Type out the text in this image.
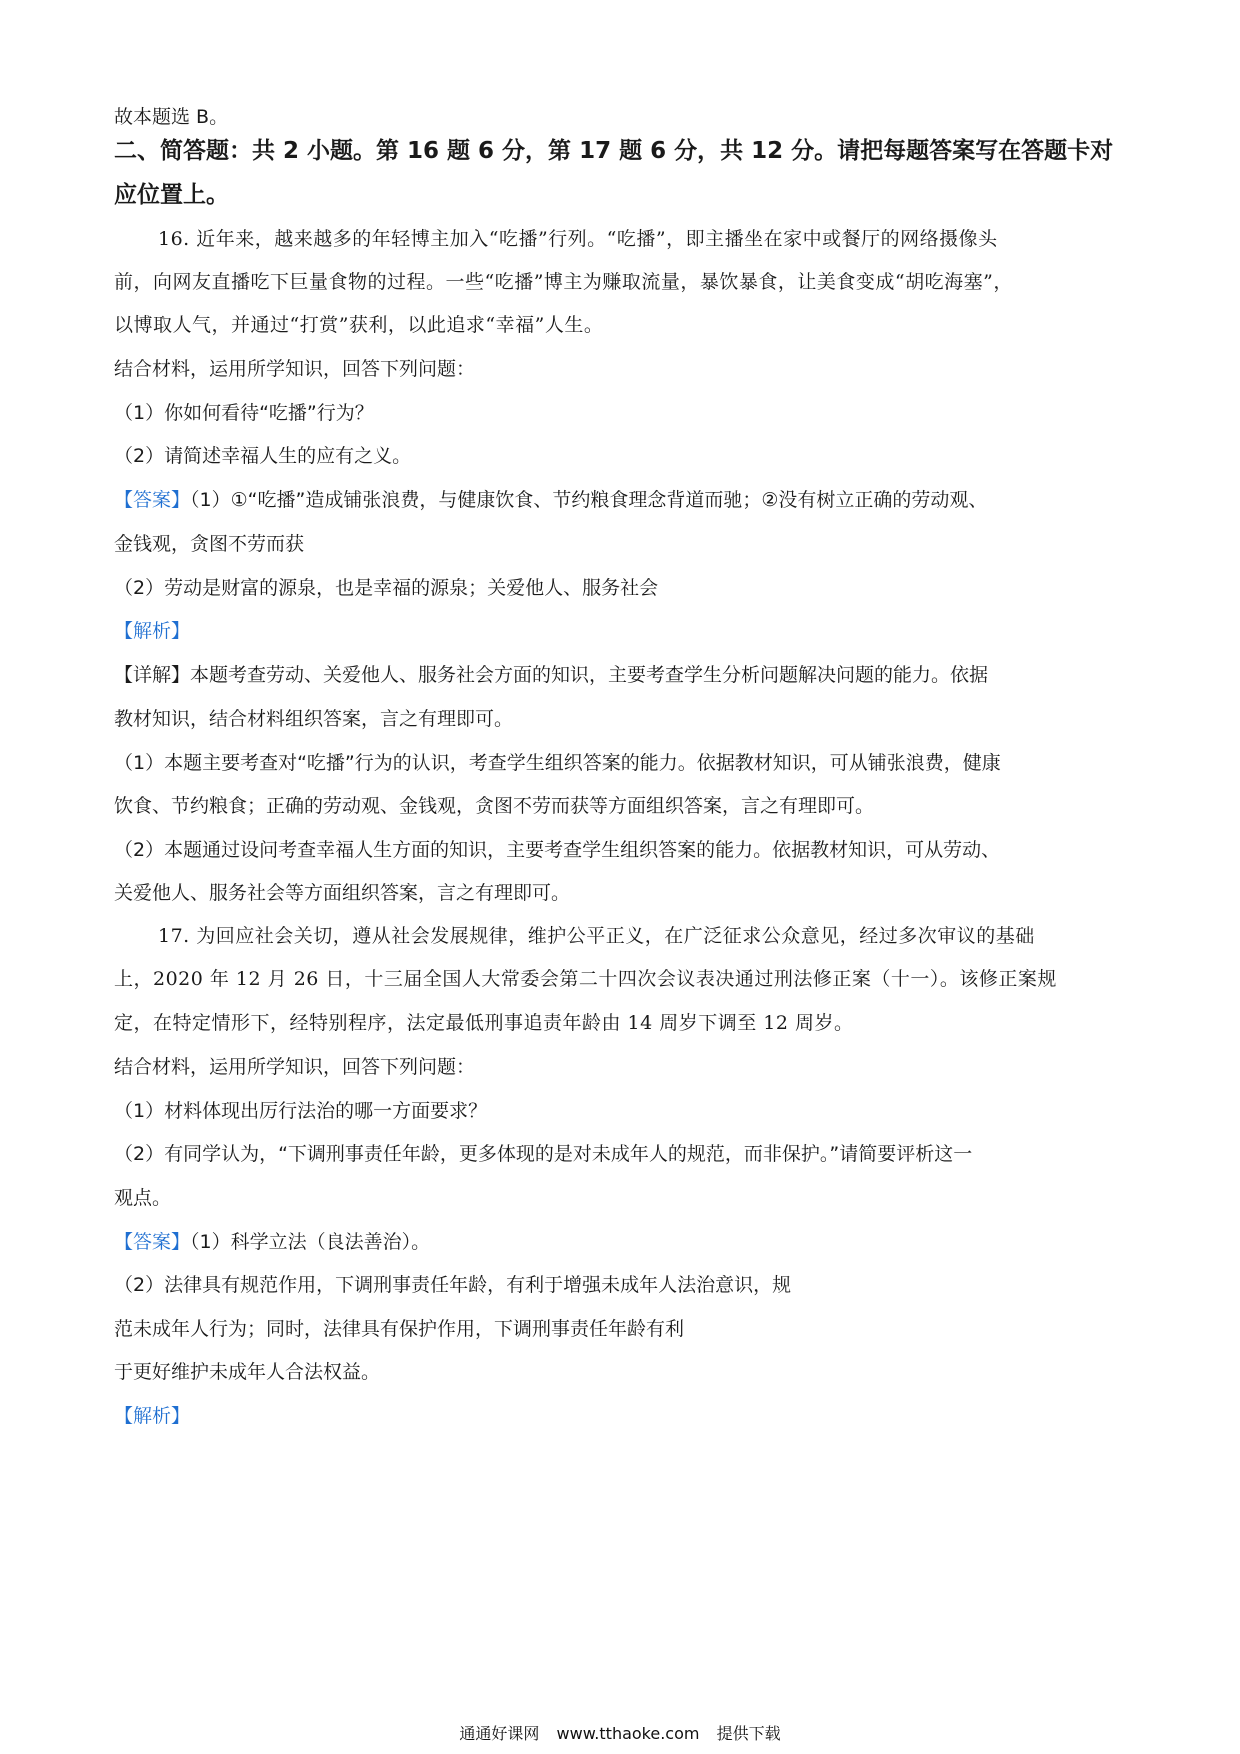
故本题选 B。
二、简答题：共 2 小题。第 16 题 6 分，第 17 题 6 分，共 12 分。请把每题答案写在答题卡对
应位置上。
16. 近年来，越来越多的年轻博主加入“吃播”行列。“吃播”，即主播坐在家中或餐厅的网络摄像头
前，向网友直播吃下巨量食物的过程。一些“吃播”博主为赚取流量，暴饮暴食，让美食变成“胡吃海塞”，
以博取人气，并通过“打赏”获利，以此追求“幸福”人生。
结合材料，运用所学知识，回答下列问题：
（1）你如何看待“吃播”行为？
（2）请简述幸福人生的应有之义。
【答案】（1）①“吃播”造成铺张浪费，与健康饮食、节约粮食理念背道而驰；②没有树立正确的劳动观、
金钱观，贪图不劳而获
（2）劳动是财富的源泉，也是幸福的源泉；关爱他人、服务社会
【解析】
【详解】本题考查劳动、关爱他人、服务社会方面的知识，主要考查学生分析问题解决问题的能力。依据
教材知识，结合材料组织答案，言之有理即可。
（1）本题主要考查对“吃播”行为的认识，考查学生组织答案的能力。依据教材知识，可从铺张浪费，健康
饮食、节约粮食；正确的劳动观、金钱观，贪图不劳而获等方面组织答案，言之有理即可。
（2）本题通过设问考查幸福人生方面的知识，主要考查学生组织答案的能力。依据教材知识，可从劳动、
关爱他人、服务社会等方面组织答案，言之有理即可。
17. 为回应社会关切，遵从社会发展规律，维护公平正义，在广泛征求公众意见，经过多次审议的基础
上，2020 年 12 月 26 日，十三届全国人大常委会第二十四次会议表决通过刑法修正案（十一）。该修正案规
定，在特定情形下，经特别程序，法定最低刑事追责年龄由 14 周岁下调至 12 周岁。
结合材料，运用所学知识，回答下列问题：
（1）材料体现出厉行法治的哪一方面要求？
（2）有同学认为，“下调刑事责任年龄，更多体现的是对未成年人的规范，而非保护。”请简要评析这一
观点。
【答案】（1）科学立法（良法善治）。
（2）法律具有规范作用，下调刑事责任年龄，有利于增强未成年人法治意识，规
范未成年人行为；同时，法律具有保护作用，下调刑事责任年龄有利
于更好维护未成年人合法权益。
【解析】
通通好课网 www.tthaoke.com 提供下载
